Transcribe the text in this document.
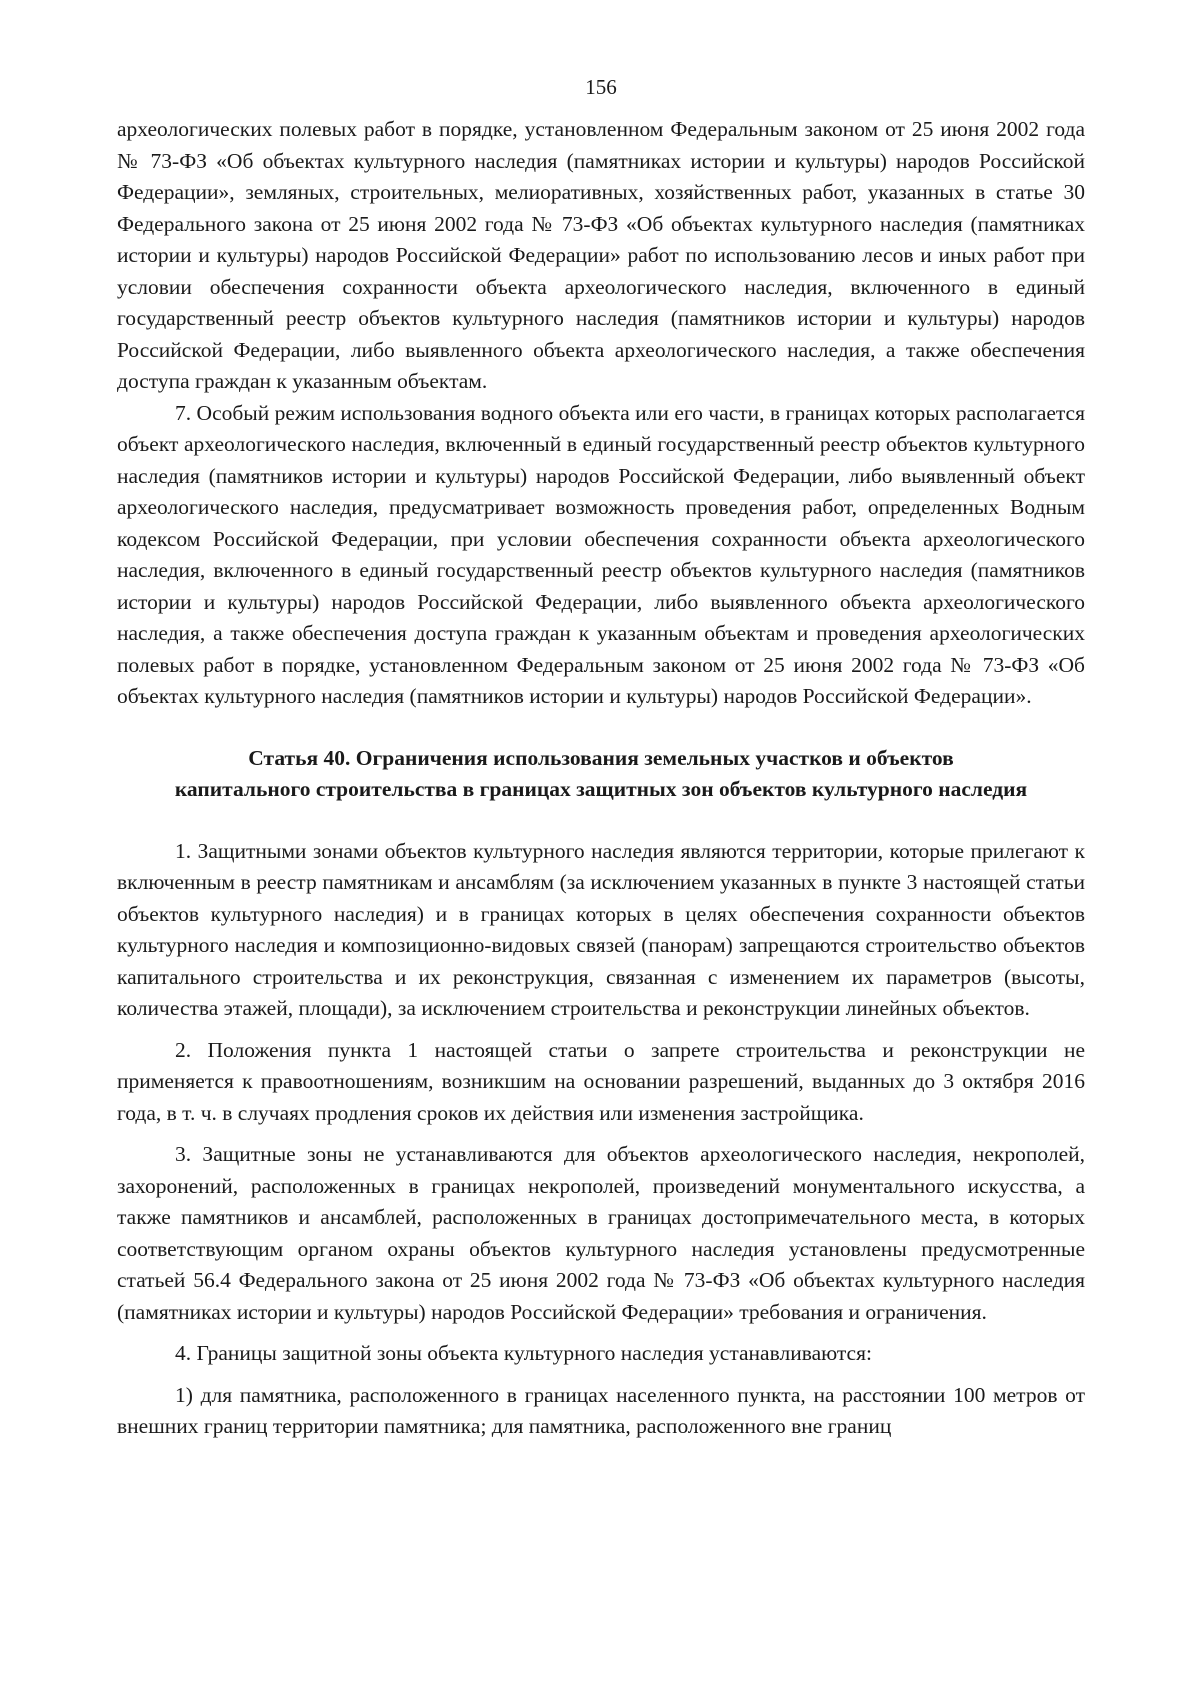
156

археологических полевых работ в порядке, установленном Федеральным законом от 25 июня 2002 года № 73-ФЗ «Об объектах культурного наследия (памятниках истории и культуры) народов Российской Федерации», земляных, строительных, мелиоративных, хозяйственных работ, указанных в статье 30 Федерального закона от 25 июня 2002 года № 73-ФЗ «Об объектах культурного наследия (памятниках истории и культуры) народов Российской Федерации» работ по использованию лесов и иных работ при условии обеспечения сохранности объекта археологического наследия, включенного в единый государственный реестр объектов культурного наследия (памятников истории и культуры) народов Российской Федерации, либо выявленного объекта археологического наследия, а также обеспечения доступа граждан к указанным объектам.

7. Особый режим использования водного объекта или его части, в границах которых располагается объект археологического наследия, включенный в единый государственный реестр объектов культурного наследия (памятников истории и культуры) народов Российской Федерации, либо выявленный объект археологического наследия, предусматривает возможность проведения работ, определенных Водным кодексом Российской Федерации, при условии обеспечения сохранности объекта археологического наследия, включенного в единый государственный реестр объектов культурного наследия (памятников истории и культуры) народов Российской Федерации, либо выявленного объекта археологического наследия, а также обеспечения доступа граждан к указанным объектам и проведения археологических полевых работ в порядке, установленном Федеральным законом от 25 июня 2002 года № 73-ФЗ «Об объектах культурного наследия (памятников истории и культуры) народов Российской Федерации».

Статья 40. Ограничения использования земельных участков и объектов
капитального строительства в границах защитных зон объектов культурного наследия

1. Защитными зонами объектов культурного наследия являются территории, которые прилегают к включенным в реестр памятникам и ансамблям (за исключением указанных в пункте 3 настоящей статьи объектов культурного наследия) и в границах которых в целях обеспечения сохранности объектов культурного наследия и композиционно-видовых связей (панорам) запрещаются строительство объектов капитального строительства и их реконструкция, связанная с изменением их параметров (высоты, количества этажей, площади), за исключением строительства и реконструкции линейных объектов.

2. Положения пункта 1 настоящей статьи о запрете строительства и реконструкции не применяется к правоотношениям, возникшим на основании разрешений, выданных до 3 октября 2016 года, в т. ч. в случаях продления сроков их действия или изменения застройщика.

3. Защитные зоны не устанавливаются для объектов археологического наследия, некрополей, захоронений, расположенных в границах некрополей, произведений монументального искусства, а также памятников и ансамблей, расположенных в границах достопримечательного места, в которых соответствующим органом охраны объектов культурного наследия установлены предусмотренные статьей 56.4 Федерального закона от 25 июня 2002 года № 73-ФЗ «Об объектах культурного наследия (памятниках истории и культуры) народов Российской Федерации» требования и ограничения.

4. Границы защитной зоны объекта культурного наследия устанавливаются:

1) для памятника, расположенного в границах населенного пункта, на расстоянии 100 метров от внешних границ территории памятника; для памятника, расположенного вне границ
